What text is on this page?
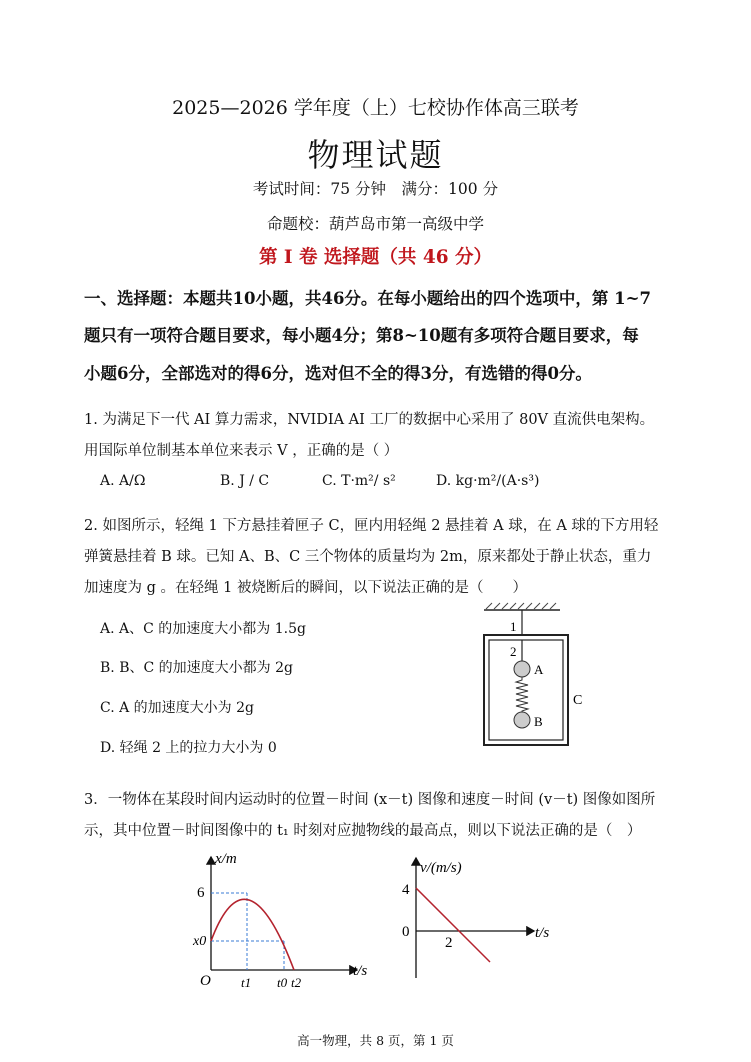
2025—2026 学年度（上）七校协作体高三联考
物理试题
考试时间：75 分钟　满分：100 分
命题校：葫芦岛市第一高级中学
第 I 卷 选择题（共 46 分）
一、选择题：本题共10小题，共46分。在每小题给出的四个选项中，第 1~7
题只有一项符合题目要求，每小题4分；第8~10题有多项符合题目要求，每
小题6分，全部选对的得6分，选对但不全的得3分，有选错的得0分。
1. 为满足下一代 AI 算力需求，NVIDIA AI 工厂的数据中心采用了 80V 直流供电架构。
用国际单位制基本单位来表示 V ，正确的是（ ）
A. A/Ω	B. J / C	C. T·m²/ s²	D. kg·m²/(A·s³)
2. 如图所示，轻绳 1 下方悬挂着匣子 C，匣内用轻绳 2 悬挂着 A 球，在 A 球的下方用轻
弹簧悬挂着 B 球。已知 A、B、C 三个物体的质量均为 2m，原来都处于静止状态，重力
加速度为 g 。在轻绳 1 被烧断后的瞬间，以下说法正确的是（　　）
A. A、C 的加速度大小都为 1.5g
B. B、C 的加速度大小都为 2g
C. A 的加速度大小为 2g
D. 轻绳 2 上的拉力大小为 0
1
2
A
B
C
3．一物体在某段时间内运动时的位置－时间 (x－t) 图像和速度－时间 (v－t) 图像如图所
示，其中位置－时间图像中的 t₁ 时刻对应抛物线的最高点，则以下说法正确的是（　）
x/m
t/s
6
x0
O t1 t0 t2
v/(m/s)
t/s
4
0
2
高一物理，共 8 页，第 1 页
